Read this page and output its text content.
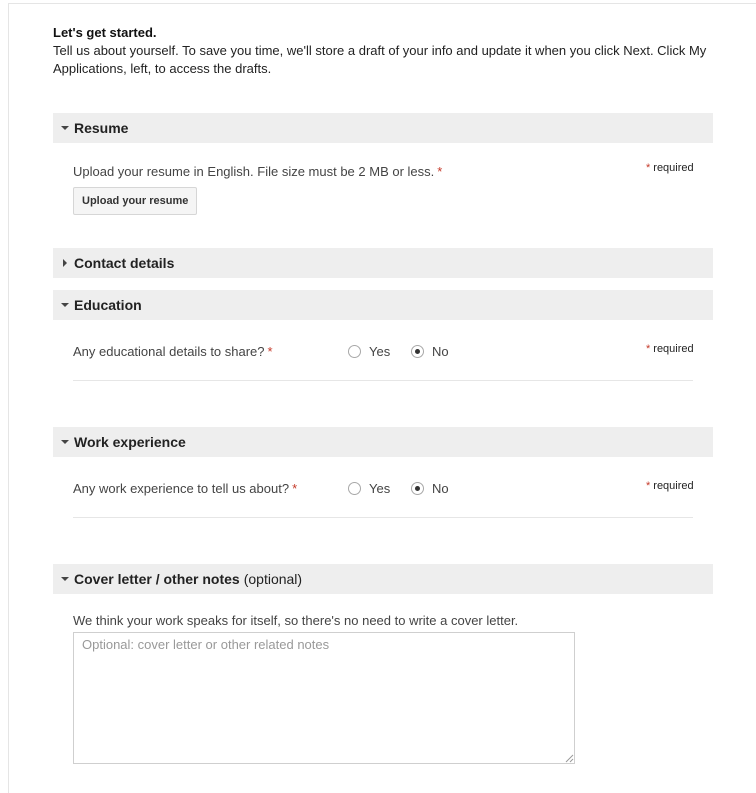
Let's get started.
Tell us about yourself. To save you time, we'll store a draft of your info and update it when you click Next. Click My Applications, left, to access the drafts.
Resume
Upload your resume in English. File size must be 2 MB or less. *	* required
Upload your resume
Contact details
Education
Any educational details to share? *	Yes	No	* required
Work experience
Any work experience to tell us about? *	Yes	No	* required
Cover letter / other notes (optional)
We think your work speaks for itself, so there's no need to write a cover letter.
Optional: cover letter or other related notes
